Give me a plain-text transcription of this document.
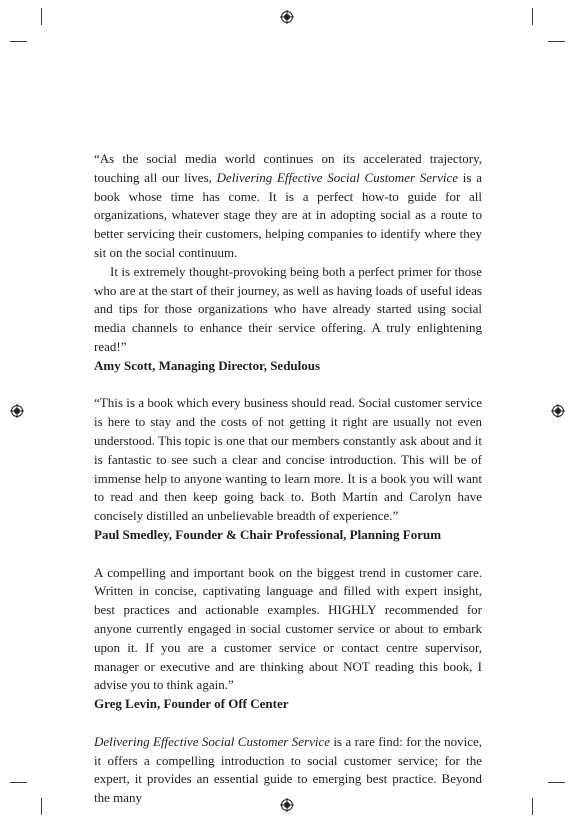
“As the social media world continues on its accelerated trajectory, touching all our lives, Delivering Effective Social Customer Service is a book whose time has come. It is a perfect how-to guide for all organizations, whatever stage they are at in adopting social as a route to better servicing their customers, helping companies to identify where they sit on the social continuum.

It is extremely thought-provoking being both a perfect primer for those who are at the start of their journey, as well as having loads of useful ideas and tips for those organizations who have already started using social media channels to enhance their service offering. A truly enlightening read!”

Amy Scott, Managing Director, Sedulous

“This is a book which every business should read. Social customer service is here to stay and the costs of not getting it right are usually not even understood. This topic is one that our members constantly ask about and it is fantastic to see such a clear and concise introduction. This will be of immense help to anyone wanting to learn more. It is a book you will want to read and then keep going back to. Both Martin and Carolyn have concisely distilled an unbelievable breadth of experience.”

Paul Smedley, Founder & Chair Professional, Planning Forum

A compelling and important book on the biggest trend in customer care. Written in concise, captivating language and filled with expert insight, best practices and actionable examples. HIGHLY recommended for anyone currently engaged in social customer service or about to embark upon it. If you are a customer service or contact centre supervisor, manager or executive and are thinking about NOT reading this book, I advise you to think again.”

Greg Levin, Founder of Off Center

Delivering Effective Social Customer Service is a rare find: for the novice, it offers a compelling introduction to social customer service; for the expert, it provides an essential guide to emerging best practice. Beyond the many
